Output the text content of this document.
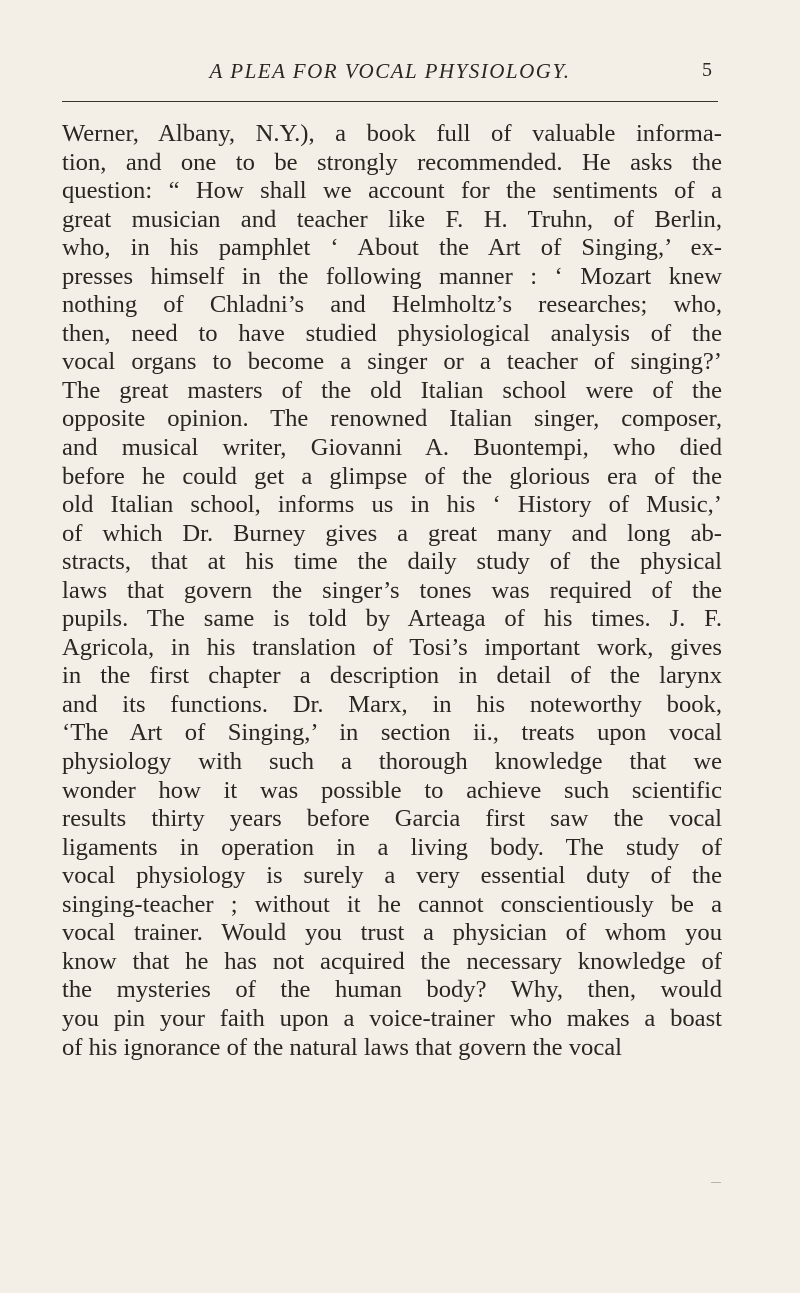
A PLEA FOR VOCAL PHYSIOLOGY.	5
Werner, Albany, N.Y.), a book full of valuable informa-
tion, and one to be strongly recommended. He asks the
question: “ How shall we account for the sentiments of a
great musician and teacher like F. H. Truhn, of Berlin,
who, in his pamphlet ‘ About the Art of Singing,’ ex-
presses himself in the following manner : ‘ Mozart knew
nothing of Chladni’s and Helmholtz’s researches; who,
then, need to have studied physiological analysis of the
vocal organs to become a singer or a teacher of singing?’
The great masters of the old Italian school were of the
opposite opinion. The renowned Italian singer, composer,
and musical writer, Giovanni A. Buontempi, who died
before he could get a glimpse of the glorious era of the
old Italian school, informs us in his ‘ History of Music,’
of which Dr. Burney gives a great many and long ab-
stracts, that at his time the daily study of the physical
laws that govern the singer’s tones was required of the
pupils. The same is told by Arteaga of his times. J. F.
Agricola, in his translation of Tosi’s important work, gives
in the first chapter a description in detail of the larynx
and its functions. Dr. Marx, in his noteworthy book,
‘The Art of Singing,’ in section ii., treats upon vocal
physiology with such a thorough knowledge that we
wonder how it was possible to achieve such scientific
results thirty years before Garcia first saw the vocal
ligaments in operation in a living body. The study of
vocal physiology is surely a very essential duty of the
singing-teacher ; without it he cannot conscientiously be a
vocal trainer. Would you trust a physician of whom you
know that he has not acquired the necessary knowledge of
the mysteries of the human body? Why, then, would
you pin your faith upon a voice-trainer who makes a boast
of his ignorance of the natural laws that govern the vocal
